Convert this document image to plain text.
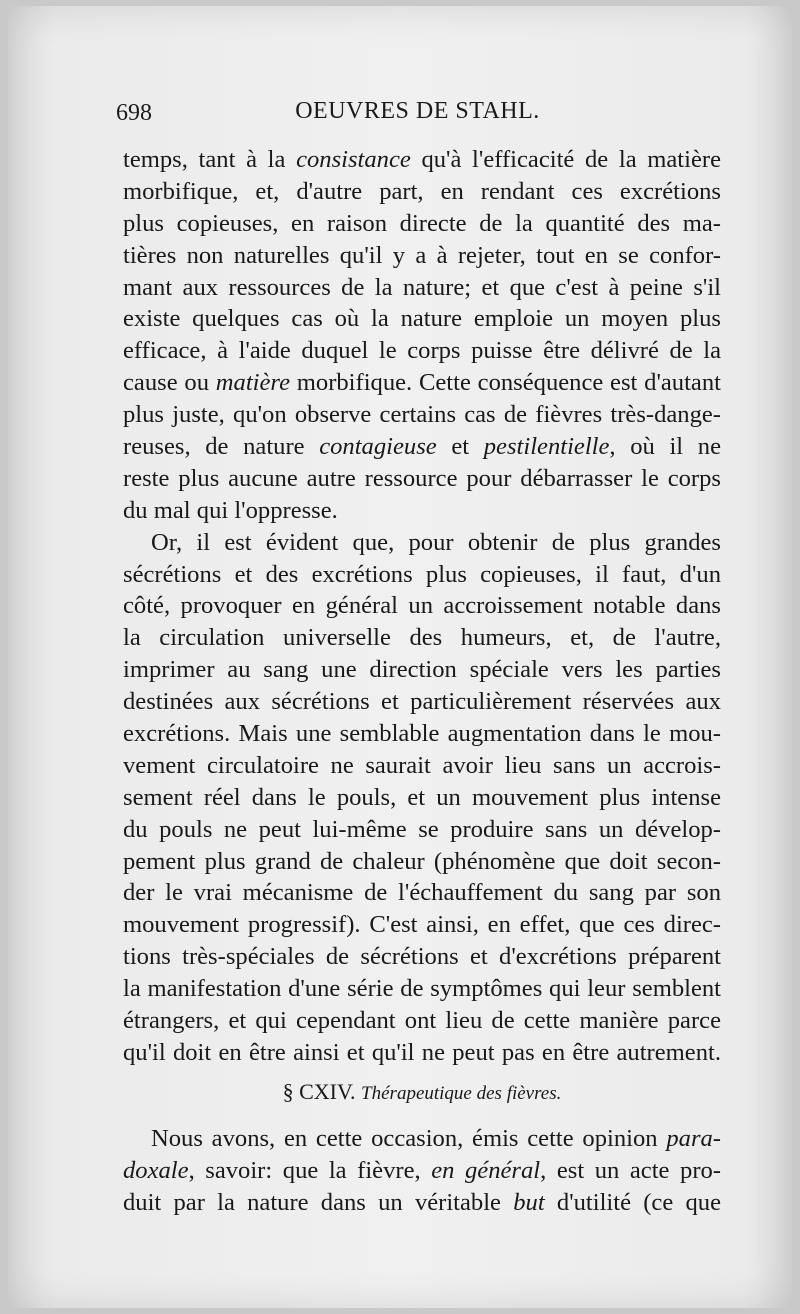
698	OEUVRES DE STAHL.
temps, tant à la consistance qu'à l'efficacité de la matière
morbifique, et, d'autre part, en rendant ces excrétions
plus copieuses, en raison directe de la quantité des ma-
tières non naturelles qu'il y a à rejeter, tout en se confor-
mant aux ressources de la nature; et que c'est à peine s'il
existe quelques cas où la nature emploie un moyen plus
efficace, à l'aide duquel le corps puisse être délivré de la
cause ou matière morbifique. Cette conséquence est d'autant
plus juste, qu'on observe certains cas de fièvres très-dange-
reuses, de nature contagieuse et pestilentielle, où il ne
reste plus aucune autre ressource pour débarrasser le corps
du mal qui l'oppresse.
Or, il est évident que, pour obtenir de plus grandes
sécrétions et des excrétions plus copieuses, il faut, d'un
côté, provoquer en général un accroissement notable dans
la circulation universelle des humeurs, et, de l'autre,
imprimer au sang une direction spéciale vers les parties
destinées aux sécrétions et particulièrement réservées aux
excrétions. Mais une semblable augmentation dans le mou-
vement circulatoire ne saurait avoir lieu sans un accrois-
sement réel dans le pouls, et un mouvement plus intense
du pouls ne peut lui-même se produire sans un dévelop-
pement plus grand de chaleur (phénomène que doit secon-
der le vrai mécanisme de l'échauffement du sang par son
mouvement progressif). C'est ainsi, en effet, que ces direc-
tions très-spéciales de sécrétions et d'excrétions préparent
la manifestation d'une série de symptômes qui leur semblent
étrangers, et qui cependant ont lieu de cette manière parce
qu'il doit en être ainsi et qu'il ne peut pas en être autrement.
§ CXIV. Thérapeutique des fièvres.
Nous avons, en cette occasion, émis cette opinion para-
doxale, savoir: que la fièvre, en général, est un acte pro-
duit par la nature dans un véritable but d'utilité (ce que
